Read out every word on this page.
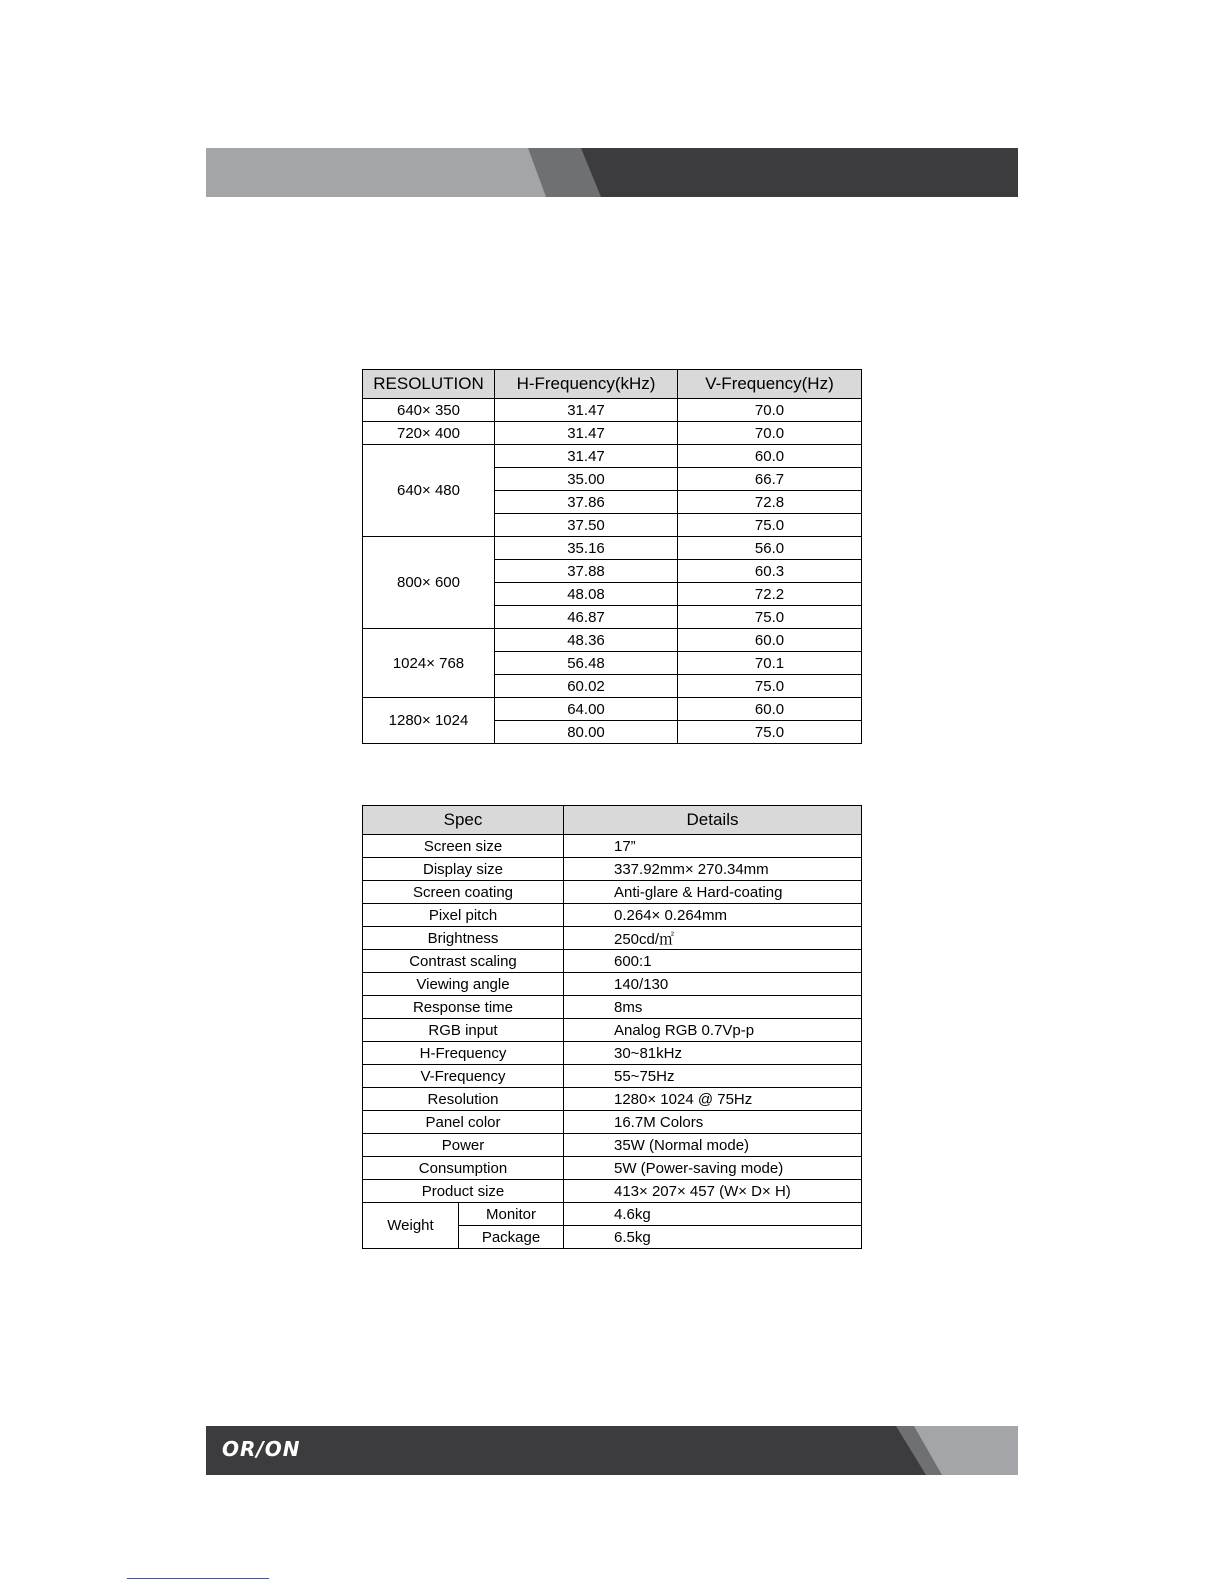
RESOLUTION	H-Frequency(kHz)	V-Frequency(Hz)
640× 350	31.47	70.0
720× 400	31.47	70.0
640× 480	31.47	60.0
	35.00	66.7
	37.86	72.8
	37.50	75.0
800× 600	35.16	56.0
	37.88	60.3
	48.08	72.2
	46.87	75.0
1024× 768	48.36	60.0
	56.48	70.1
	60.02	75.0
1280× 1024	64.00	60.0
	80.00	75.0
Spec		Details
Screen size		17”
Display size		337.92mm× 270.34mm
Screen coating		Anti-glare & Hard-coating
Pixel pitch		0.264× 0.264mm
Brightness		250cd/㎡
Contrast scaling		600:1
Viewing angle		140/130
Response time		8ms
RGB input		Analog RGB 0.7Vp-p
H-Frequency		30~81kHz
V-Frequency		55~75Hz
Resolution		1280× 1024 @ 75Hz
Panel color		16.7M Colors
Power		35W (Normal mode)
Consumption		5W (Power-saving mode)
Product size		413× 207× 457 (W× D× H)
Weight	Monitor	4.6kg
	Package	6.5kg
OR/ON
